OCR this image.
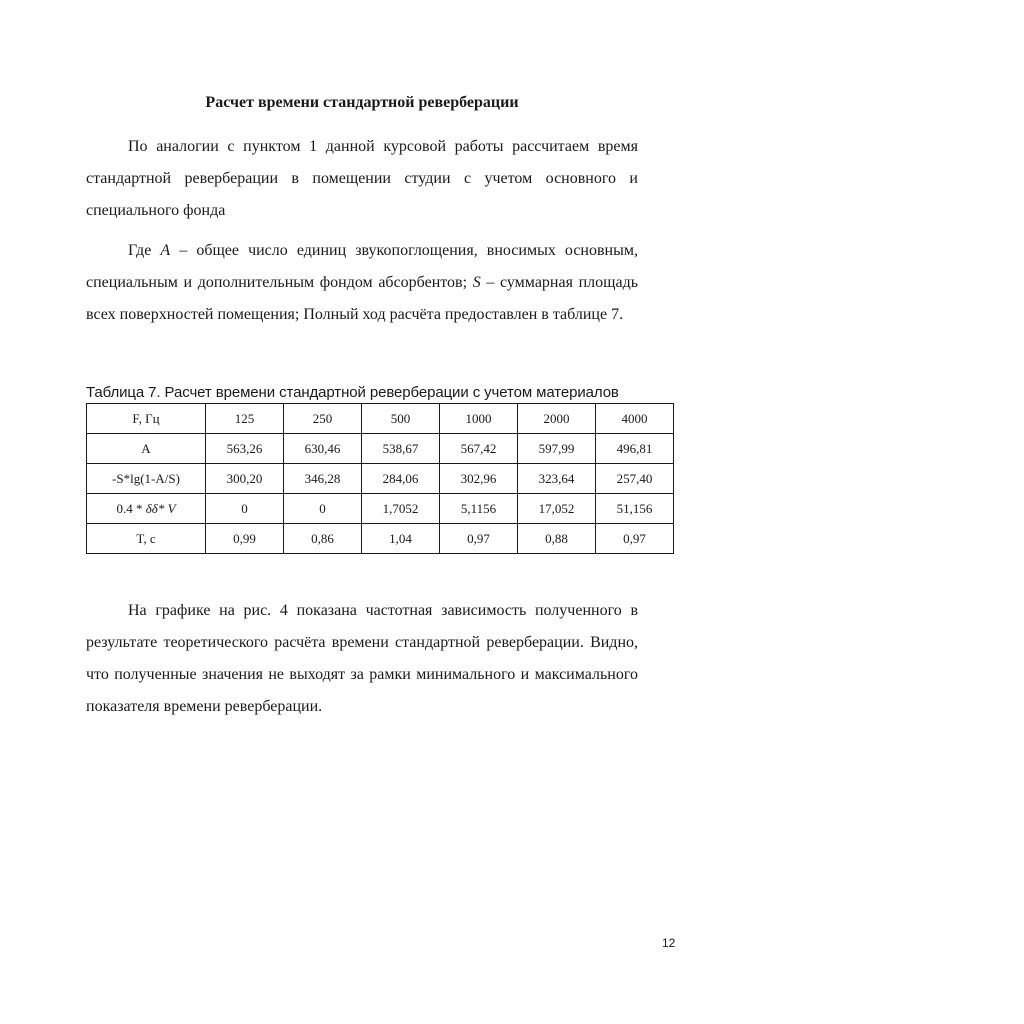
Расчет времени стандартной реверберации

По аналогии с пунктом 1 данной курсовой работы рассчитаем время стандартной реверберации в помещении студии с учетом основного и специального фонда

Где A – общее число единиц звукопоглощения, вносимых основным, специальным и дополнительным фондом абсорбентов; S – суммарная площадь всех поверхностей помещения; Полный ход расчёта предоставлен в таблице 7.

Таблица 7. Расчет времени стандартной реверберации с учетом материалов
F, Гц	125	250	500	1000	2000	4000
A	563,26	630,46	538,67	567,42	597,99	496,81
-S*lg(1-A/S)	300,20	346,28	284,06	302,96	323,64	257,40
0.4 * δδ* V	0	0	1,7052	5,1156	17,052	51,156
T, c	0,99	0,86	1,04	0,97	0,88	0,97

На графике на рис. 4 показана частотная зависимость полученного в результате теоретического расчёта времени стандартной реверберации. Видно, что полученные значения не выходят за рамки минимального и максимального показателя времени реверберации.

12
